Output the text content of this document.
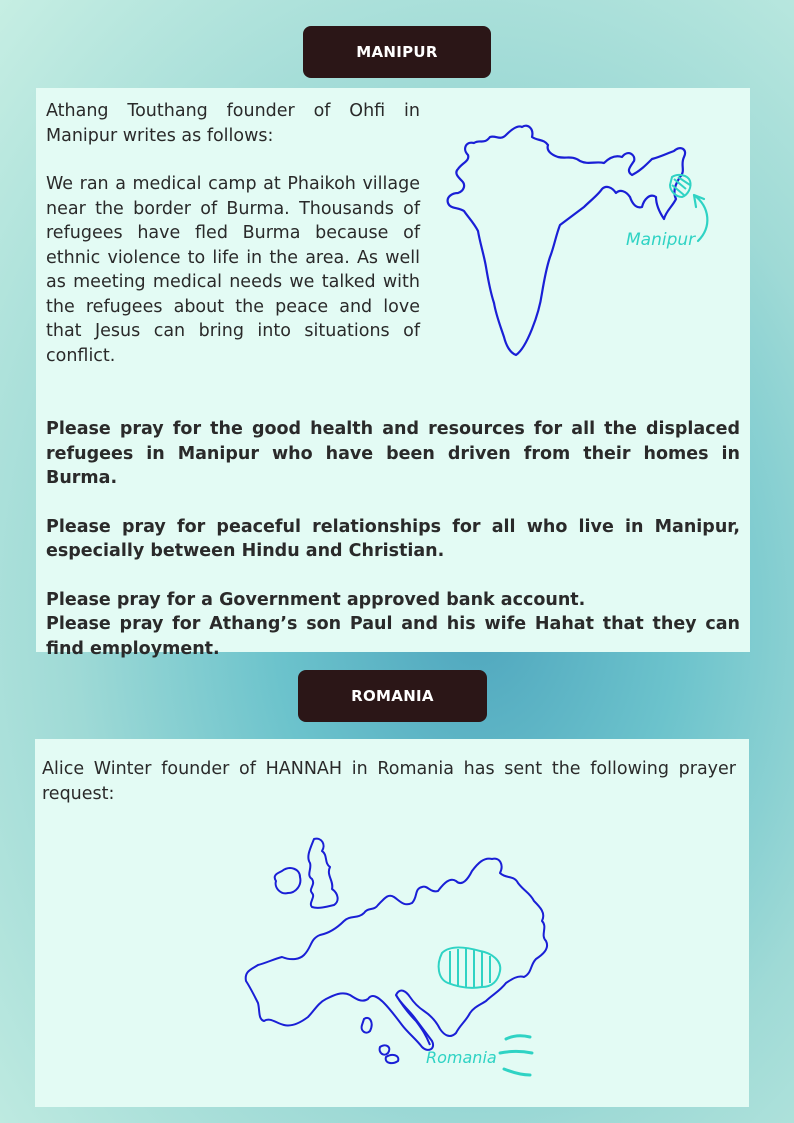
MANIPUR

Athang Touthang founder of Ohfi in Manipur writes as follows:

We ran a medical camp at Phaikoh village near the border of Burma. Thousands of refugees have fled Burma because of ethnic violence to life in the area. As well as meeting medical needs we talked with the refugees about the peace and love that Jesus can bring into situations of conflict.

Manipur

Please pray for the good health and resources for all the displaced refugees in Manipur who have been driven from their homes in Burma.

Please pray for peaceful relationships for all who live in Manipur, especially between Hindu and Christian.

Please pray for a Government approved bank account.

Please pray for Athang’s son Paul and his wife Hahat that they can find employment.

ROMANIA

Alice Winter founder of HANNAH in Romania has sent the following prayer request:

Romania
